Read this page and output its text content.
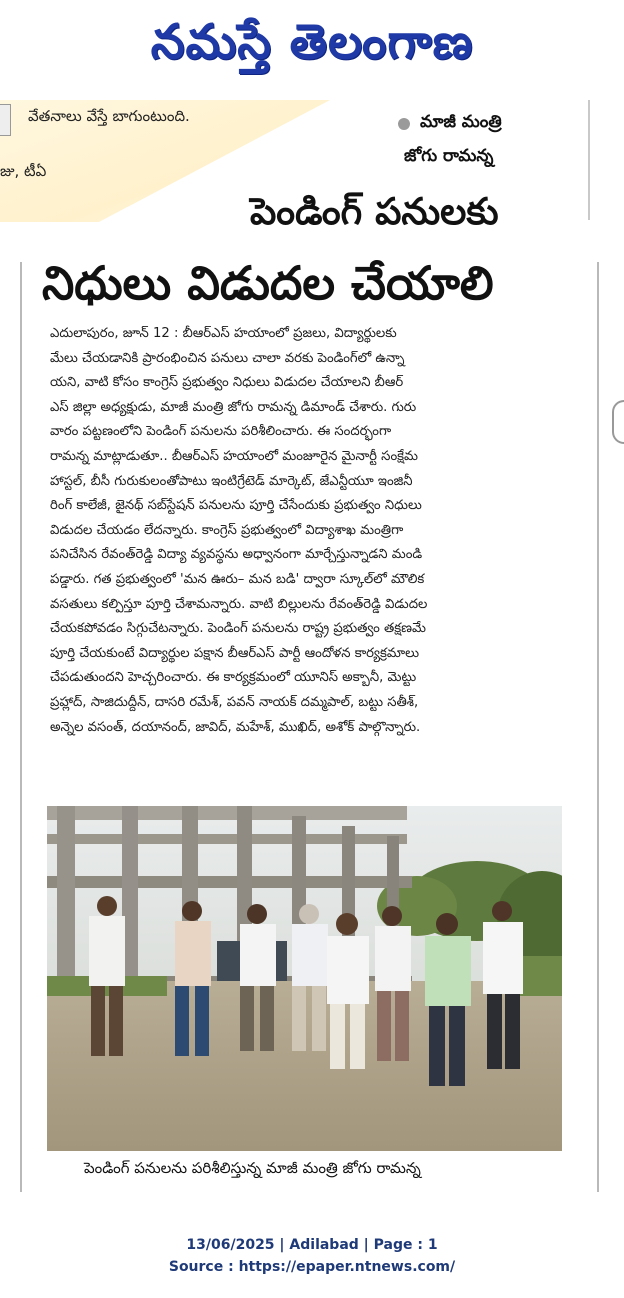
నమస్తే తెలంగాణ
వేతనాలు వేస్తే బాగుంటుంది.
జు, టీఏ
మాజీ మంత్రి
జోగు రామన్న
పెండింగ్ పనులకు
నిధులు విడుదల చేయాలి
ఎదులాపురం, జూన్ 12 : బీఆర్ఎస్ హయాంలో ప్రజలు, విద్యార్థులకు
మేలు చేయడానికి ప్రారంభించిన పనులు చాలా వరకు పెండింగ్‌లో ఉన్నా
యని, వాటి కోసం కాంగ్రెస్ ప్రభుత్వం నిధులు విడుదల చేయాలని బీఆర్
ఎస్ జిల్లా అధ్యక్షుడు, మాజీ మంత్రి జోగు రామన్న డిమాండ్ చేశారు. గురు
వారం పట్టణంలోని పెండింగ్ పనులను పరిశీలించారు. ఈ సందర్భంగా
రామన్న మాట్లాడుతూ.. బీఆర్ఎస్ హయాంలో మంజూరైన మైనార్టీ సంక్షేమ
హాస్టల్, బీసీ గురుకులంతోపాటు ఇంటిగ్రేటెడ్ మార్కెట్, జేఎన్టీయూ ఇంజినీ
రింగ్ కాలేజీ, జైనథ్ సబ్‌స్టేషన్ పనులను పూర్తి చేసేందుకు ప్రభుత్వం నిధులు
విడుదల చేయడం లేదన్నారు. కాంగ్రెస్ ప్రభుత్వంలో విద్యాశాఖ మంత్రిగా
పనిచేసిన రేవంత్‌రెడ్డి విద్యా వ్యవస్థను అధ్వానంగా మార్చేస్తున్నాడని మండి
పడ్డారు. గత ప్రభుత్వంలో 'మన ఊరు– మన బడి' ద్వారా స్కూల్‌లో మౌలిక
వసతులు కల్పిస్తూ పూర్తి చేశామన్నారు. వాటి బిల్లులను రేవంత్‌రెడ్డి విడుదల
చేయకపోవడం సిగ్గుచేటన్నారు. పెండింగ్ పనులను రాష్ట్ర ప్రభుత్వం తక్షణమే
పూర్తి చేయకుంటే విద్యార్థుల పక్షాన బీఆర్ఎస్ పార్టీ ఆందోళన కార్యక్రమాలు
చేపడుతుందని హెచ్చరించారు. ఈ కార్యక్రమంలో యూనిస్ అక్బానీ, మెట్టు
ప్రహ్లాద్, సాజిదుద్దీన్, దాసరి రమేశ్, పవన్ నాయక్ దమ్మపాల్, బట్టు సతీశ్,
అన్నెల వసంత్, దయానంద్, జావిద్, మహేశ్, ముఖిద్, అశోక్ పాల్గొన్నారు.
పెండింగ్ పనులను పరిశీలిస్తున్న మాజీ మంత్రి జోగు రామన్న
13/06/2025 | Adilabad | Page : 1
Source : https://epaper.ntnews.com/
